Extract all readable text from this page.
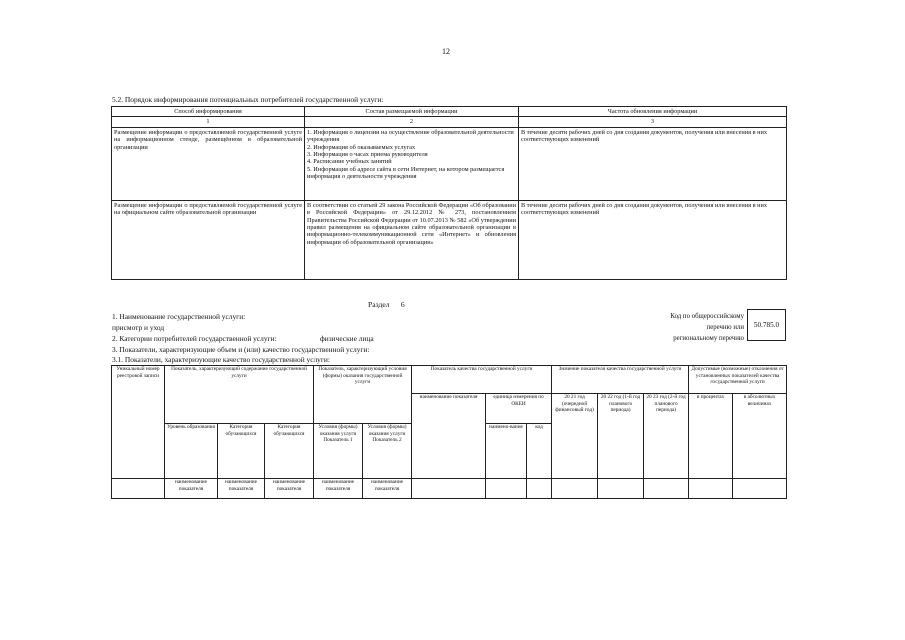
12
5.2. Порядок информирования потенциальных потребителей государственной услуги:
Способ информирования	Состав размещаемой информации	Частота обновления информации
1	2	3
Размещение информации о предоставляемой государственной услуге на информационном стенде, размещённом в образовательной организации	1. Информация о лицензии на осуществление образовательной деятельности учреждения
2. Информация об оказываемых услугах
3. Информация о часах приема руководителя
4. Расписание учебных занятий
5. Информация об адресе сайта в сети Интернет, на котором размещается информация о деятельности учреждения	В течение десяти рабочих дней со дня создания документов, получения или внесения в них соответствующих изменений
Размещение информации о предоставляемой государственной услуге на официальном сайте образовательной организации	В соответствии со статьей 29 закона Российской Федерации «Об образовании в Российской Федерации» от 29.12.2012 № 273, постановлением Правительства Российской Федерации от 10.07.2013 № 582 «Об утверждении правил размещения на официальном сайте образовательной организации в информационно-телекоммуникационной сети «Интернет» и обновления информации об образовательной организации»	В течение десяти рабочих дней со дня создания документов, получения или внесения в них соответствующих изменений
Раздел 6
1. Наименование государственной услуги:
присмотр и уход
2. Категории потребителей государственной услуги:	физические лица
3. Показатели, характеризующие объем и (или) качество государственной услуги:
3.1. Показатели, характеризующие качество государственной услуги:
Код по общероссийскому
перечню или
региональному перечню
50.785.0
Уникальный номер реестровой записи	Показатель, характеризующий содержание государственной услуги			Показатель, характеризующий условия (формы) оказания государственной услуги		Показатель качества государственной услуги			Значение показателя качества государственной услуги			Допустимые (возможные) отклонения от установленных показателей качества государственной услуги	
						наименование показателя	единица измерения по ОКЕИ		20 21 год (очередной финансовый год)	20 22 год (1-й год планового периода)	20 23 год (2-й год планового периода)	в процентах	в абсолютных величинах
	Уровень образования	Категория обучающихся	Категория обучающихся	Условия (формы) оказания услуги Показатель 1	Условия (формы) оказания услуги Показатель 2		наимено-вание	код					
	наименование показателя	наименование показателя	наименование показателя	наименование показателя	наименование показателя								
